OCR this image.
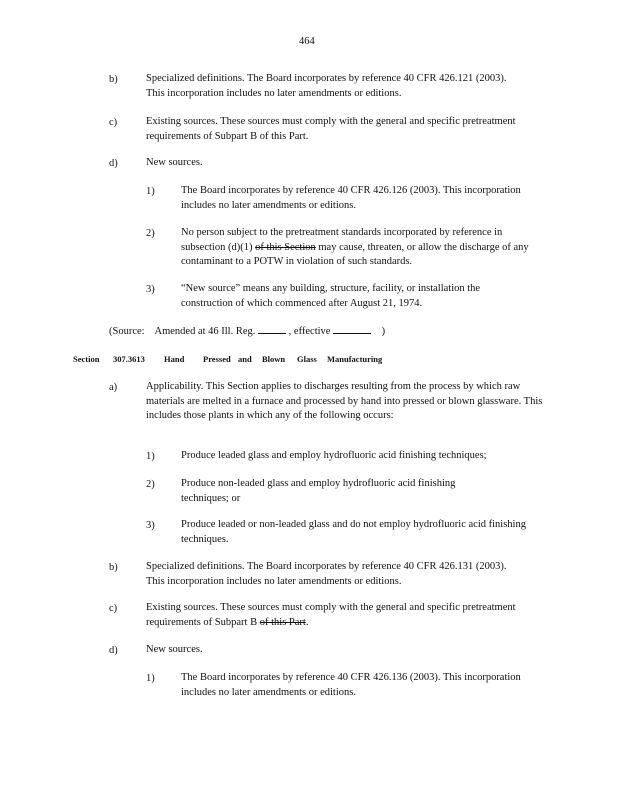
464
b)	Specialized definitions. The Board incorporates by reference 40 CFR 426.121 (2003). This incorporation includes no later amendments or editions.
c)	Existing sources. These sources must comply with the general and specific pretreatment requirements of Subpart B of this Part.
d)	New sources.
1)	The Board incorporates by reference 40 CFR 426.126 (2003). This incorporation includes no later amendments or editions.
2)	No person subject to the pretreatment standards incorporated by reference in subsection (d)(1) of this Section may cause, threaten, or allow the discharge of any contaminant to a POTW in violation of such standards.
3)	“New source” means any building, structure, facility, or installation the construction of which commenced after August 21, 1974.
(Source: Amended at 46 Ill. Reg.	, effective	)
Section 307.3613 Hand Pressed and Blown Glass Manufacturing
a)	Applicability. This Section applies to discharges resulting from the process by which raw materials are melted in a furnace and processed by hand into pressed or blown glassware. This includes those plants in which any of the following occurs:
1)	Produce leaded glass and employ hydrofluoric acid finishing techniques;
2)	Produce non-leaded glass and employ hydrofluoric acid finishing techniques; or
3)	Produce leaded or non-leaded glass and do not employ hydrofluoric acid finishing techniques.
b)	Specialized definitions. The Board incorporates by reference 40 CFR 426.131 (2003). This incorporation includes no later amendments or editions.
c)	Existing sources. These sources must comply with the general and specific pretreatment requirements of Subpart B of this Part.
d)	New sources.
1)	The Board incorporates by reference 40 CFR 426.136 (2003). This incorporation includes no later amendments or editions.
